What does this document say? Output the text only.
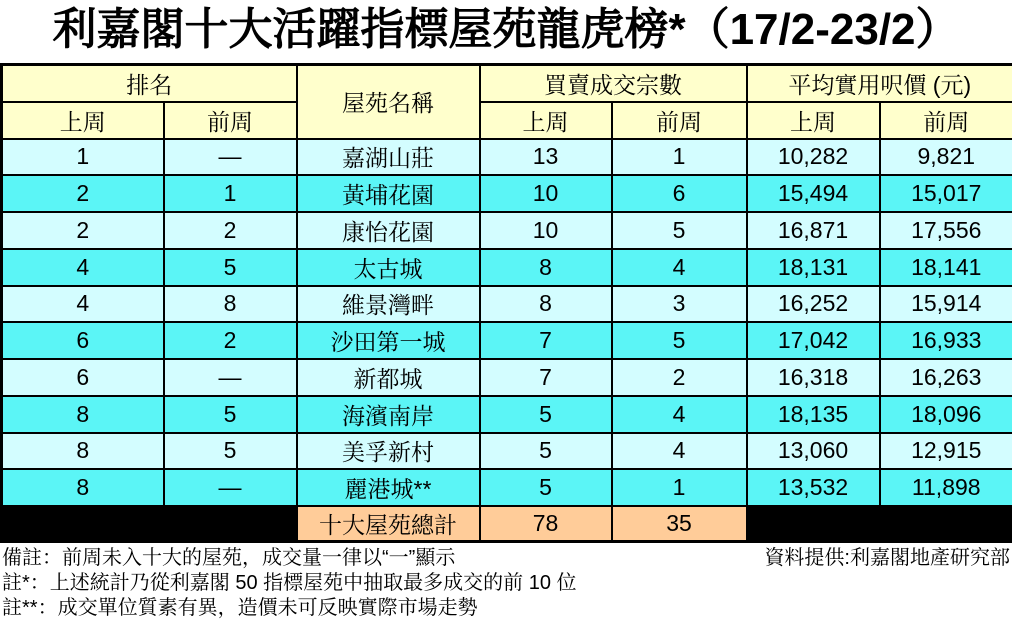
利嘉閣十大活躍指標屋苑龍虎榜*（17/2-23/2）
排名		屋苑名稱	買賣成交宗數		平均實用呎價 (元)	
上周	前周		上周	前周	上周	前周
1	—	嘉湖山莊	13	1	10,282	9,821
2	1	黃埔花園	10	6	15,494	15,017
2	2	康怡花園	10	5	16,871	17,556
4	5	太古城	8	4	18,131	18,141
4	8	維景灣畔	8	3	16,252	15,914
6	2	沙田第一城	7	5	17,042	16,933
6	—	新都城	7	2	16,318	16,263
8	5	海濱南岸	5	4	18,135	18,096
8	5	美孚新村	5	4	13,060	12,915
8	—	麗港城**	5	1	13,532	11,898
		十大屋苑總計	78	35		
備註：前周未入十大的屋苑，成交量一律以“一”顯示	資料提供:利嘉閣地產研究部
註*：上述統計乃從利嘉閣 50 指標屋苑中抽取最多成交的前 10 位
註**：成交單位質素有異，造價未可反映實際市場走勢
